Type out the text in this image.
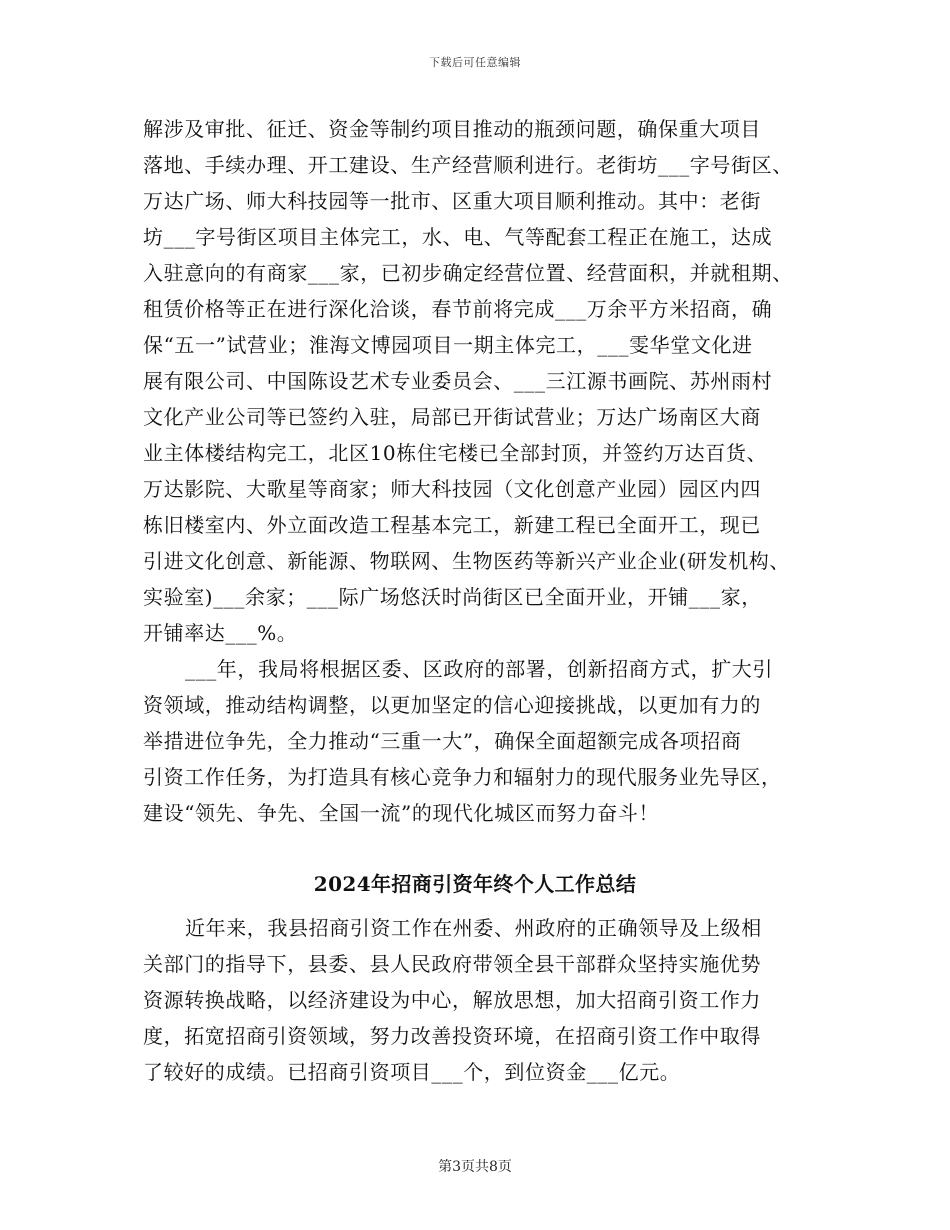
下载后可任意编辑
解涉及审批、征迁、资金等制约项目推动的瓶颈问题，确保重大项目
落地、手续办理、开工建设、生产经营顺利进行。老街坊___字号街区、
万达广场、师大科技园等一批市、区重大项目顺利推动。其中：老街
坊___字号街区项目主体完工，水、电、气等配套工程正在施工，达成
入驻意向的有商家___家，已初步确定经营位置、经营面积，并就租期、
租赁价格等正在进行深化洽谈，春节前将完成___万余平方米招商，确
保“五一”试营业；淮海文博园项目一期主体完工，___雯华堂文化进
展有限公司、中国陈设艺术专业委员会、___三江源书画院、苏州雨村
文化产业公司等已签约入驻，局部已开街试营业；万达广场南区大商
业主体楼结构完工，北区10栋住宅楼已全部封顶，并签约万达百货、
万达影院、大歌星等商家；师大科技园（文化创意产业园）园区内四
栋旧楼室内、外立面改造工程基本完工，新建工程已全面开工，现已
引进文化创意、新能源、物联网、生物医药等新兴产业企业(研发机构、
实验室)___余家；___际广场悠沃时尚街区已全面开业，开铺___家，
开铺率达___%。
___年，我局将根据区委、区政府的部署，创新招商方式，扩大引
资领域，推动结构调整，以更加坚定的信心迎接挑战，以更加有力的
举措进位争先，全力推动“三重一大”，确保全面超额完成各项招商
引资工作任务，为打造具有核心竞争力和辐射力的现代服务业先导区，
建设“领先、争先、全国一流”的现代化城区而努力奋斗！
2024年招商引资年终个人工作总结
近年来，我县招商引资工作在州委、州政府的正确领导及上级相
关部门的指导下，县委、县人民政府带领全县干部群众坚持实施优势
资源转换战略，以经济建设为中心，解放思想，加大招商引资工作力
度，拓宽招商引资领域，努力改善投资环境，在招商引资工作中取得
了较好的成绩。已招商引资项目___个，到位资金___亿元。
第3页共8页
